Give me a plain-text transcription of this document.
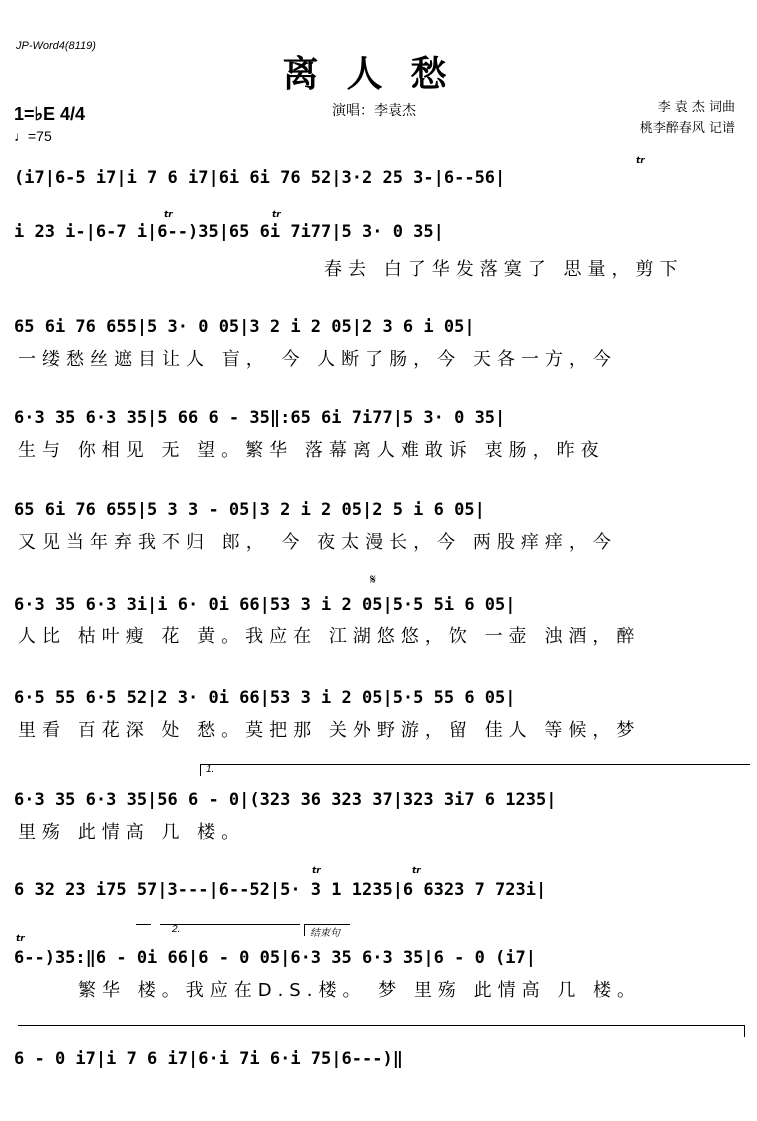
JP-Word4(8119)
离人愁
1=♭E 4/4
♩=75
演唱：李袁杰	李 袁 杰 词曲
桃李醉春风 记谱

(i7|6-5 i7|i 7 6 i7|6i 6i 76 52|3·2 25 3-|6--56|

tr

i 23 i-|6-7 i|6--)35|65 6i 7i77|5 3· 0 35|

tr

	tr

春去 白了华发落寞了 思量，剪下

65 6i 76 655|5 3· 0 05|3 2 i 2 05|2 3 6 i 05|

一缕愁丝遮目让人 盲， 今 人断了肠，今 天各一方，今

6·3 35 6·3 35|5 66 6 - 35‖:65 6i 7i77|5 3· 0 35|

生与 你相见 无 望。繁华 落幕离人难敢诉 衷肠，昨夜

65 6i 76 655|5 3 3 - 05|3 2 i 2 05|2 5 i 6 05|

又见当年弃我不归 郎， 今 夜太漫长，今 两股痒痒，今

6·3 35 6·3 3i|i 6· 0i 66|53 3 i 2 05|5·5 5i 6 05|

𝄋

人比 枯叶瘦 花 黄。我应在 江湖悠悠，饮 一壶 浊酒，醉

6·5 55 6·5 52|2 3· 0i 66|53 3 i 2 05|5·5 55 6 05|

里看 百花深 处 愁。莫把那 关外野游，留 佳人 等候，梦

1.

6·3 35 6·3 35|56 6 - 0|(323 36 323 37|323 3i7 6 1235|

里殇 此情高 几 楼。

6 32 23 i75 57|3---|6--52|5· 3 1 1235|6 6323 7 723i|

tr

	tr

2.

	结束句

tr

6--)35:‖6 - 0i 66|6 - 0 05|6·3 35 6·3 35|6 - 0 (i7|

繁华 楼。我应在D.S.楼。 梦 里殇 此情高 几 楼。

6 - 0 i7|i 7 6 i7|6·i 7i 6·i 75|6---)‖
